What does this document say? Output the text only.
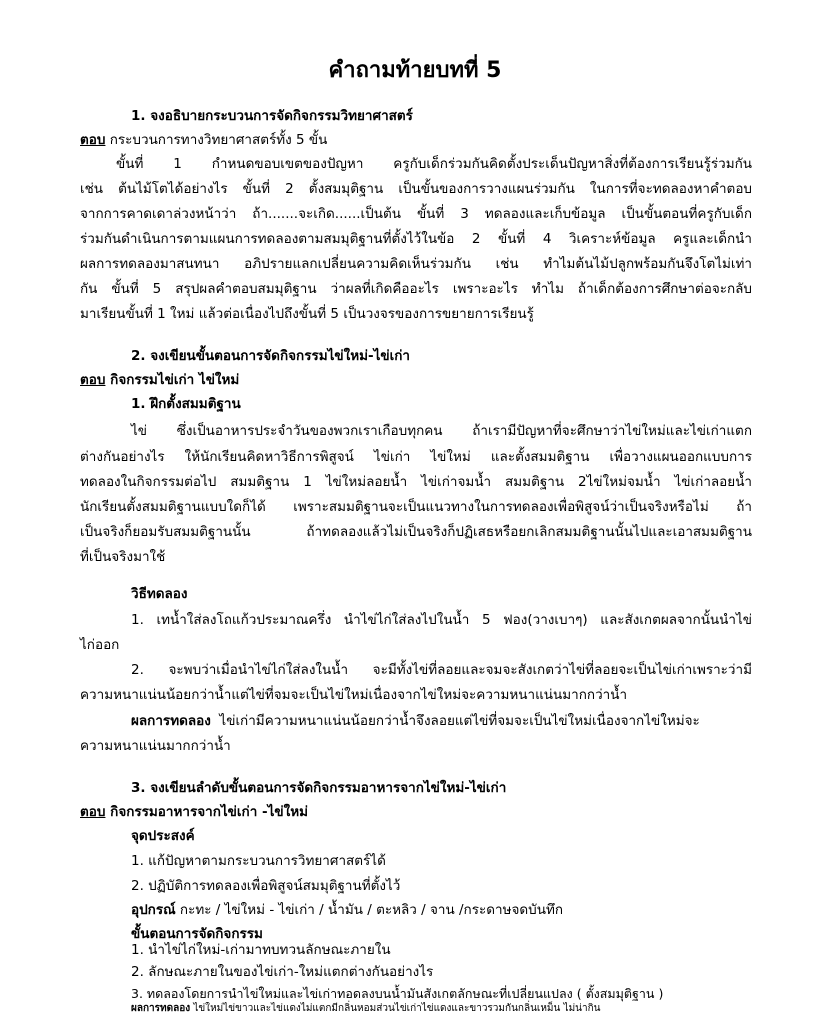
คำถามท้ายบทที่ 5
1. จงอธิบายกระบวนการจัดกิจกรรมวิทยาศาสตร์
ตอบ กระบวนการทางวิทยาศาสตร์ทั้ง 5 ขั้น
ขั้นที่ 1 กำหนดขอบเขตของปัญหา ครูกับเด็กร่วมกันคิดตั้งประเด็นปัญหาสิ่งที่ต้องการเรียนรู้ร่วมกัน
เช่น ต้นไม้โตได้อย่างไร ขั้นที่ 2 ตั้งสมมุติฐาน เป็นขั้นของการวางแผนร่วมกัน ในการที่จะทดลองหาคำตอบ
จากการคาดเดาล่วงหน้าว่า ถ้า.......จะเกิด......เป็นต้น ขั้นที่ 3 ทดลองและเก็บข้อมูล เป็นขั้นตอนที่ครูกับเด็ก
ร่วมกันดำเนินการตามแผนการทดลองตามสมมุติฐานที่ตั้งไว้ในข้อ 2 ขั้นที่ 4 วิเคราะห์ข้อมูล ครูและเด็กนำ
ผลการทดลองมาสนทนา อภิปรายแลกเปลี่ยนความคิดเห็นร่วมกัน เช่น ทำไมต้นไม้ปลูกพร้อมกันจึงโตไม่เท่า
กัน ขั้นที่ 5 สรุปผลคำตอบสมมุติฐาน ว่าผลที่เกิดคืออะไร เพราะอะไร ทำไม ถ้าเด็กต้องการศึกษาต่อจะกลับ
มาเรียนขั้นที่ 1 ใหม่ แล้วต่อเนื่องไปถึงขั้นที่ 5 เป็นวงจรของการขยายการเรียนรู้
2. จงเขียนขั้นตอนการจัดกิจกรรมไข่ใหม่-ไข่เก่า
ตอบ กิจกรรมไข่เก่า ไข่ใหม่
1. ฝึกตั้งสมมติฐาน
ไข่ ซึ่งเป็นอาหารประจำวันของพวกเราเกือบทุกคน ถ้าเรามีปัญหาที่จะศึกษาว่าไข่ใหม่และไข่เก่าแตก
ต่างกันอย่างไร ให้นักเรียนคิดหาวิธีการพิสูจน์ ไข่เก่า ไข่ใหม่ และตั้งสมมติฐาน เพื่อวางแผนออกแบบการ
ทดลองในกิจกรรมต่อไป สมมติฐาน 1 ไข่ใหม่ลอยน้ำ ไข่เก่าจมน้ำ สมมติฐาน 2ไข่ใหม่จมน้ำ ไข่เก่าลอยน้ำ
นักเรียนตั้งสมมติฐานแบบใดก็ได้ เพราะสมมติฐานจะเป็นแนวทางในการทดลองเพื่อพิสูจน์ว่าเป็นจริงหรือไม่ ถ้า
เป็นจริงก็ยอมรับสมมติฐานนั้น ถ้าทดลองแล้วไม่เป็นจริงก็ปฏิเสธหรือยกเลิกสมมติฐานนั้นไปและเอาสมมติฐาน
ที่เป็นจริงมาใช้
วิธีทดลอง
1. เทน้ำใส่ลงโถแก้วประมาณครึ่ง นำไข่ไก่ใส่ลงไปในน้ำ 5 ฟอง(วางเบาๆ) และสังเกตผลจากนั้นนำไข่
ไก่ออก
2. จะพบว่าเมื่อนำไข่ไก่ใส่ลงในน้ำ จะมีทั้งไข่ที่ลอยและจมจะสังเกตว่าไข่ที่ลอยจะเป็นไข่เก่าเพราะว่ามี
ความหนาแน่นน้อยกว่าน้ำแต่ไข่ที่จมจะเป็นไข่ใหม่เนื่องจากไข่ใหม่จะความหนาแน่นมากกว่าน้ำ
ผลการทดลอง ไข่เก่ามีความหนาแน่นน้อยกว่าน้ำจึงลอยแต่ไข่ที่จมจะเป็นไข่ใหม่เนื่องจากไข่ใหม่จะ
ความหนาแน่นมากกว่าน้ำ
3. จงเขียนลำดับขั้นตอนการจัดกิจกรรมอาหารจากไข่ใหม่-ไข่เก่า
ตอบ กิจกรรมอาหารจากไข่เก่า -ไข่ใหม่
จุดประสงค์
1. แก้ปัญหาตามกระบวนการวิทยาศาสตร์ได้
2. ปฏิบัติการทดลองเพื่อพิสูจน์สมมุติฐานที่ตั้งไว้
อุปกรณ์ กะทะ / ไข่ใหม่ - ไข่เก่า / น้ำมัน / ตะหลิว / จาน /กระดาษจดบันทึก
ขั้นตอนการจัดกิจกรรม
1. นำไข่ไก่ใหม่-เก่ามาทบทวนลักษณะภายใน
2. ลักษณะภายในของไข่เก่า-ใหม่แตกต่างกันอย่างไร
3. ทดลองโดยการนำไข่ใหม่และไข่เก่าทอดลงบนน้ำมันสังเกตลักษณะที่เปลี่ยนแปลง ( ตั้งสมมุติฐาน )
ผลการทดลอง ไข่ใหม่ไข่ขาวและไข่แดงไม่แตกมีกลิ่นหอมส่วนไข่เก่าไข่แดงและขาวรวมกันกลิ่นเหม็น ไม่น่ากิน
